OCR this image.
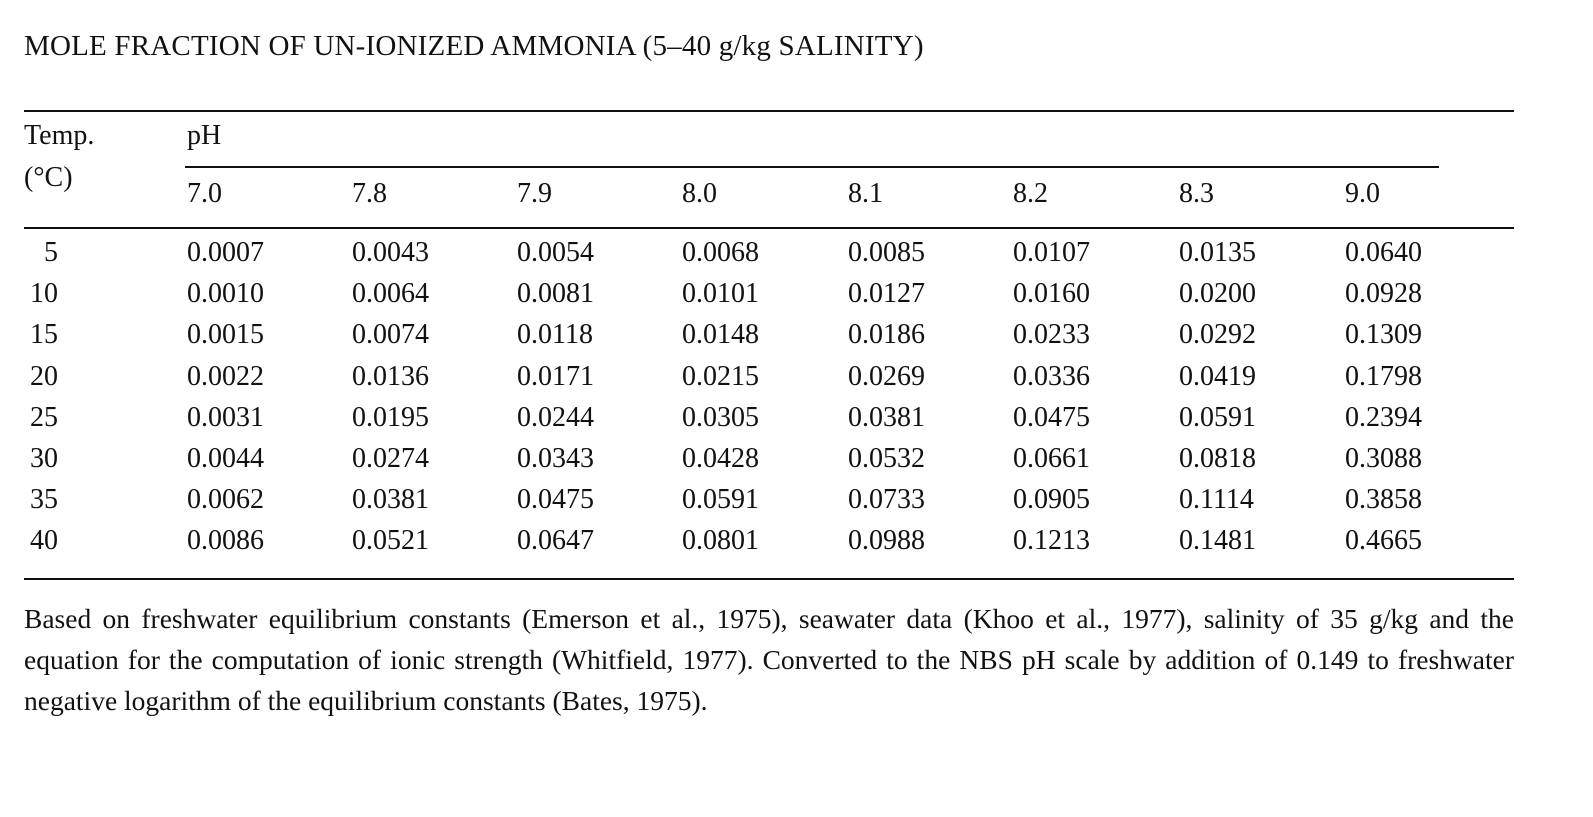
MOLE FRACTION OF UN-IONIZED AMMONIA (5–40 g/kg SALINITY)
Temp.
(°C)
pH
7.0	7.8	7.9	8.0	8.1	8.2	8.3	9.0
5	0.0007	0.0043	0.0054	0.0068	0.0085	0.0107	0.0135	0.0640
10	0.0010	0.0064	0.0081	0.0101	0.0127	0.0160	0.0200	0.0928
15	0.0015	0.0074	0.0118	0.0148	0.0186	0.0233	0.0292	0.1309
20	0.0022	0.0136	0.0171	0.0215	0.0269	0.0336	0.0419	0.1798
25	0.0031	0.0195	0.0244	0.0305	0.0381	0.0475	0.0591	0.2394
30	0.0044	0.0274	0.0343	0.0428	0.0532	0.0661	0.0818	0.3088
35	0.0062	0.0381	0.0475	0.0591	0.0733	0.0905	0.1114	0.3858
40	0.0086	0.0521	0.0647	0.0801	0.0988	0.1213	0.1481	0.4665
Based on freshwater equilibrium constants (Emerson et al., 1975), seawater data (Khoo et al., 1977), salinity of 35 g/kg and the equation for the computation of ionic strength (Whitfield, 1977). Converted to the NBS pH scale by addition of 0.149 to freshwater negative logarithm of the equilibrium constants (Bates, 1975).
